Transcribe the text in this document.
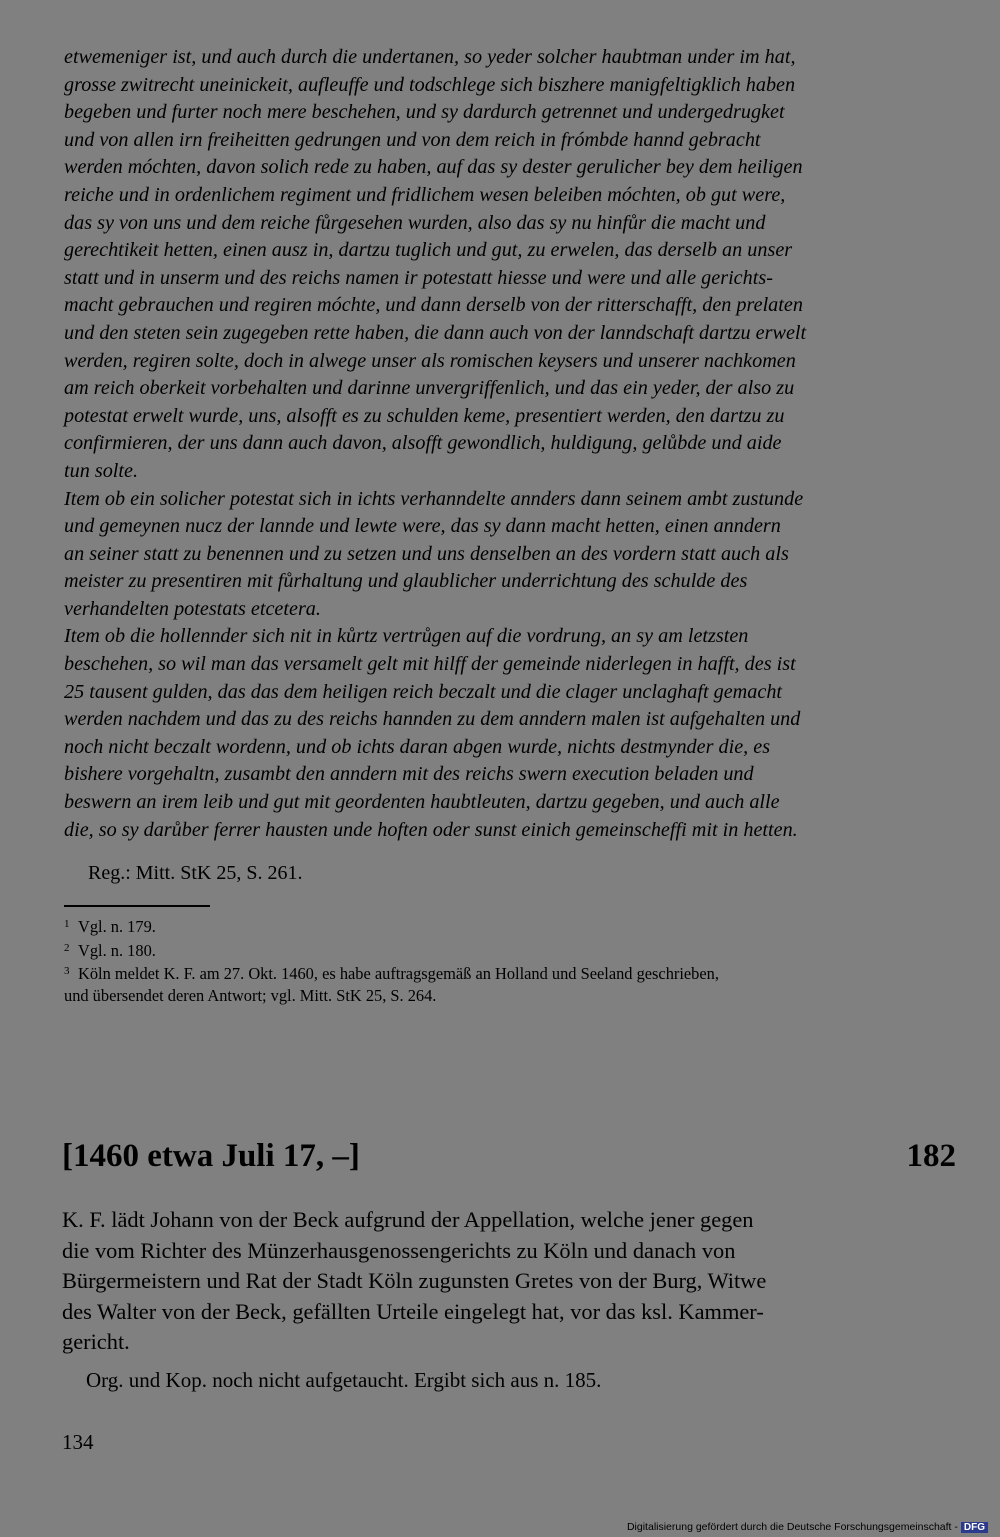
etwemeniger ist, und auch durch die undertanen, so yeder solcher haubtman under im hat,
grosse zwitrecht uneinickeit, aufleuffe und todschlege sich biszhere manigfeltigklich haben
begeben und furter noch mere beschehen, und sy dardurch getrennet und undergedrugket
und von allen irn freiheitten gedrungen und von dem reich in frómbde hannd gebracht
werden móchten, davon solich rede zu haben, auf das sy dester gerulicher bey dem heiligen
reiche und in ordenlichem regiment und fridlichem wesen beleiben móchten, ob gut were,
das sy von uns und dem reiche fůrgesehen wurden, also das sy nu hinfůr die macht und
gerechtikeit hetten, einen ausz in, dartzu tuglich und gut, zu erwelen, das derselb an unser
statt und in unserm und des reichs namen ir potestatt hiesse und were und alle gerichts-
macht gebrauchen und regiren móchte, und dann derselb von der ritterschafft, den prelaten
und den steten sein zugegeben rette haben, die dann auch von der lanndschaft dartzu erwelt
werden, regiren solte, doch in alwege unser als romischen keysers und unserer nachkomen
am reich oberkeit vorbehalten und darinne unvergriffenlich, und das ein yeder, der also zu
potestat erwelt wurde, uns, alsofft es zu schulden keme, presentiert werden, den dartzu zu
confirmieren, der uns dann auch davon, alsofft gewondlich, huldigung, gelůbde und aide
tun solte.
Item ob ein solicher potestat sich in ichts verhanndelte annders dann seinem ambt zustunde
und gemeynen nucz der lannde und lewte were, das sy dann macht hetten, einen anndern
an seiner statt zu benennen und zu setzen und uns denselben an des vordern statt auch als
meister zu presentiren mit fůrhaltung und glaublicher underrichtung des schulde des
verhandelten potestats etcetera.
Item ob die hollennder sich nit in kůrtz vertrůgen auf die vordrung, an sy am letzsten
beschehen, so wil man das versamelt gelt mit hilff der gemeinde niderlegen in hafft, des ist
25 tausent gulden, das das dem heiligen reich beczalt und die clager unclaghaft gemacht
werden nachdem und das zu des reichs hannden zu dem anndern malen ist aufgehalten und
noch nicht beczalt wordenn, und ob ichts daran abgen wurde, nichts destmynder die, es
bishere vorgehaltn, zusambt den anndern mit des reichs swern execution beladen und
beswern an irem leib und gut mit geordenten haubtleuten, dartzu gegeben, und auch alle
die, so sy darůber ferrer hausten unde hoften oder sunst einich gemeinscheffi mit in hetten.
Reg.: Mitt. StK 25, S. 261.
$^1$ Vgl. n. 179.
$^2$ Vgl. n. 180.
$^3$ Köln meldet K. F. am 27. Okt. 1460, es habe auftragsgemäß an Holland und Seeland geschrieben,
und übersendet deren Antwort; vgl. Mitt. StK 25, S. 264.
[1460 etwa Juli 17, –]	182
K. F. lädt Johann von der Beck aufgrund der Appellation, welche jener gegen
die vom Richter des Münzerhausgenossengerichts zu Köln und danach von
Bürgermeistern und Rat der Stadt Köln zugunsten Gretes von der Burg, Witwe
des Walter von der Beck, gefällten Urteile eingelegt hat, vor das ksl. Kammer-
gericht.
Org. und Kop. noch nicht aufgetaucht. Ergibt sich aus n. 185.
134
Digitalisierung gefördert durch die Deutsche Forschungsgemeinschaft - DFG
